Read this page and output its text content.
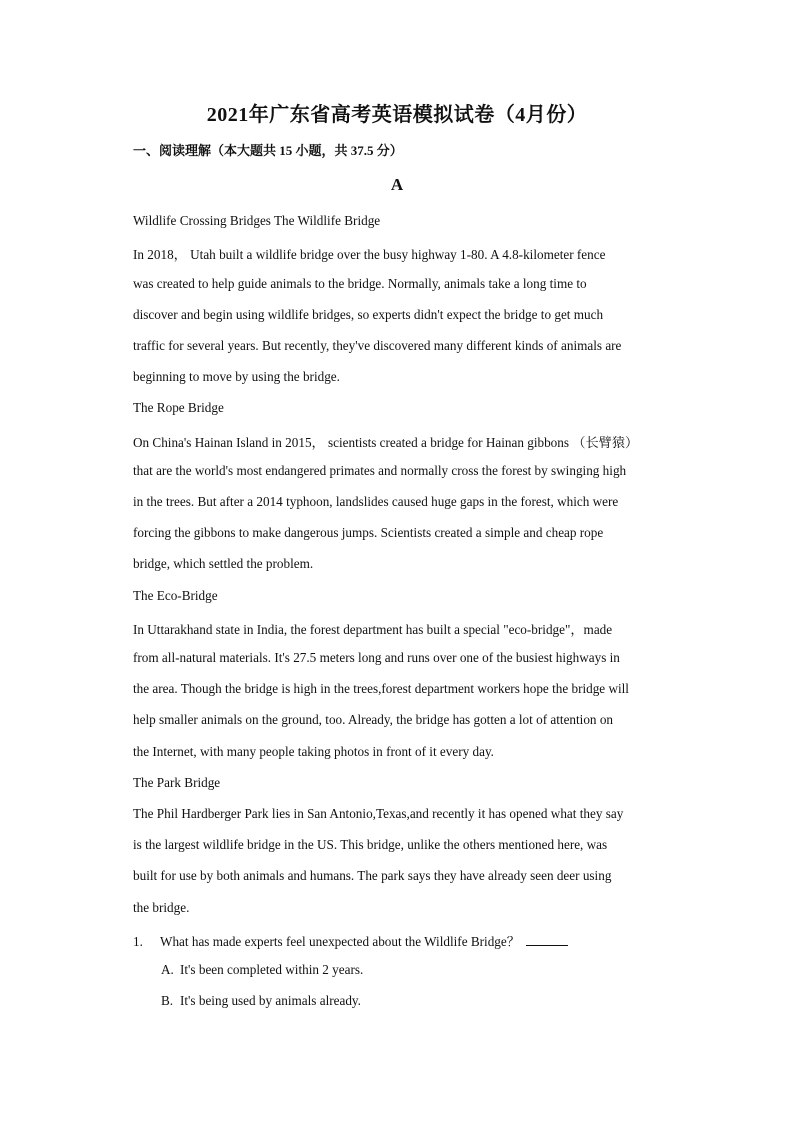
2021年广东省高考英语模拟试卷（4月份）
一、阅读理解（本大题共 15 小题，共 37.5 分）
A
Wildlife Crossing Bridges The Wildlife Bridge
In 2018， Utah built a wildlife bridge over the busy highway 1-80. A 4.8-kilometer fence
was created to help guide animals to the bridge. Normally, animals take a long time to
discover and begin using wildlife bridges, so experts didn't expect the bridge to get much
traffic for several years. But recently, they've discovered many different kinds of animals are
beginning to move by using the bridge.
The Rope Bridge
On China's Hainan Island in 2015， scientists created a bridge for Hainan gibbons （长臂猿）
that are the world's most endangered primates and normally cross the forest by swinging high
in the trees. But after a 2014 typhoon, landslides caused huge gaps in the forest, which were
forcing the gibbons to make dangerous jumps. Scientists created a simple and cheap rope
bridge, which settled the problem.
The Eco-Bridge
In Uttarakhand state in India, the forest department has built a special "eco-bridge"，made
from all-natural materials. It's 27.5 meters long and runs over one of the busiest highways in
the area. Though the bridge is high in the trees,forest department workers hope the bridge will
help smaller animals on the ground, too. Already, the bridge has gotten a lot of attention on
the Internet, with many people taking photos in front of it every day.
The Park Bridge
The Phil Hardberger Park lies in San Antonio,Texas,and recently it has opened what they say
is the largest wildlife bridge in the US. This bridge, unlike the others mentioned here, was
built for use by both animals and humans. The park says they have already seen deer using
the bridge.
1. What has made experts feel unexpected about the Wildlife Bridge？
A. It's been completed within 2 years.
B. It's being used by animals already.
